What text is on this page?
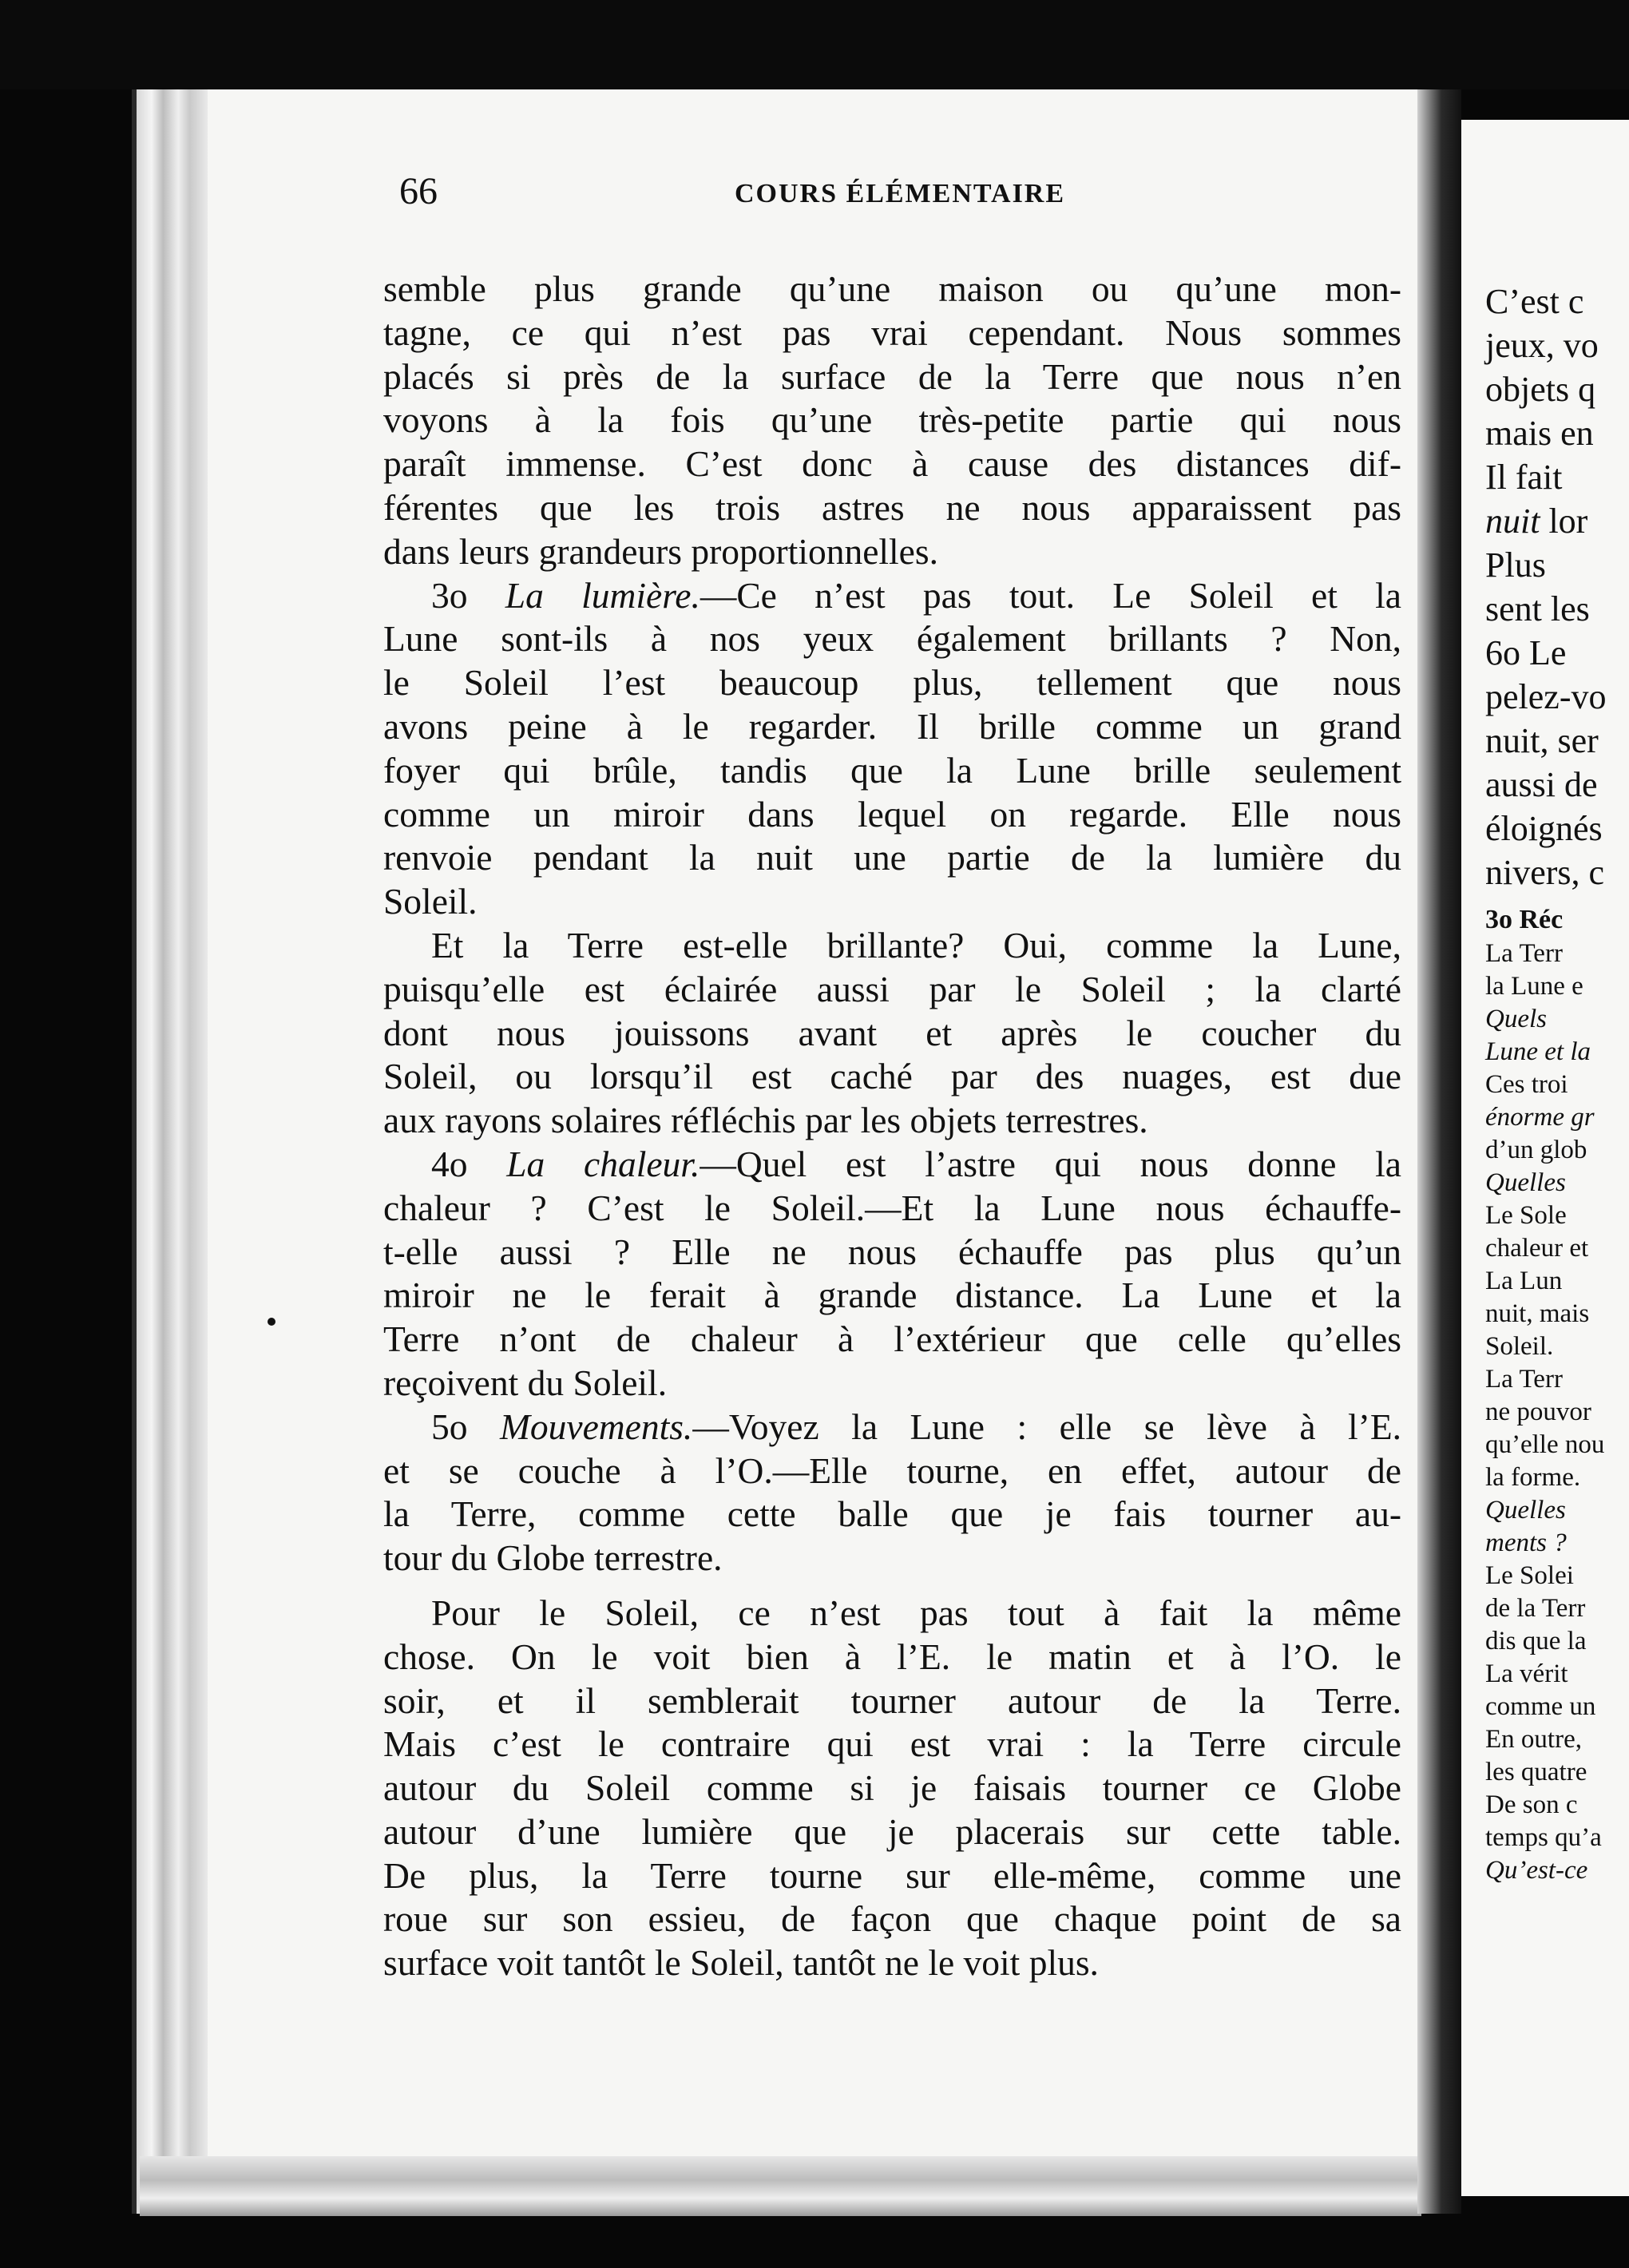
C’est c
jeux, vo
objets q
mais en
Il fait
nuit lor
Plus
sent les
6o Le
pelez-vo
nuit, ser
aussi de
éloignés
nivers, c
3o Réc
La Terr
la Lune e
Quels
Lune et la
Ces troi
énorme gr
d’un glob
Quelles
Le Sole
chaleur et
La Lun
nuit, mais
Soleil.
La Terr
ne pouvor
qu’elle nou
la forme.
Quelles
ments ?
Le Solei
de la Terr
dis que la
La vérit
comme un
En outre,
les quatre
De son c
temps qu’a
Qu’est-ce
66	COURS ÉLÉMENTAIRE

semble plus grande qu’une maison ou qu’une mon-

tagne, ce qui n’est pas vrai cependant. Nous sommes

placés si près de la surface de la Terre que nous n’en

voyons à la fois qu’une très-petite partie qui nous

paraît immense. C’est donc à cause des distances dif-

férentes que les trois astres ne nous apparaissent pas

dans leurs grandeurs proportionnelles.

3o La lumière.—Ce n’est pas tout. Le Soleil et la

Lune sont-ils à nos yeux également brillants ? Non,

le Soleil l’est beaucoup plus, tellement que nous

avons peine à le regarder. Il brille comme un grand

foyer qui brûle, tandis que la Lune brille seulement

comme un miroir dans lequel on regarde. Elle nous

renvoie pendant la nuit une partie de la lumière du

Soleil.

Et la Terre est-elle brillante? Oui, comme la Lune,

puisqu’elle est éclairée aussi par le Soleil ; la clarté

dont nous jouissons avant et après le coucher du

Soleil, ou lorsqu’il est caché par des nuages, est due

aux rayons solaires réfléchis par les objets terrestres.

4o La chaleur.—Quel est l’astre qui nous donne la

chaleur ? C’est le Soleil.—Et la Lune nous échauffe-

t-elle aussi ? Elle ne nous échauffe pas plus qu’un

miroir ne le ferait à grande distance. La Lune et la

Terre n’ont de chaleur à l’extérieur que celle qu’elles

reçoivent du Soleil.

5o Mouvements.—Voyez la Lune : elle se lève à l’E.

et se couche à l’O.—Elle tourne, en effet, autour de

la Terre, comme cette balle que je fais tourner au-

tour du Globe terrestre.

Pour le Soleil, ce n’est pas tout à fait la même

chose. On le voit bien à l’E. le matin et à l’O. le

soir, et il semblerait tourner autour de la Terre.

Mais c’est le contraire qui est vrai : la Terre circule

autour du Soleil comme si je faisais tourner ce Globe

autour d’une lumière que je placerais sur cette table.

De plus, la Terre tourne sur elle-même, comme une

roue sur son essieu, de façon que chaque point de sa

surface voit tantôt le Soleil, tantôt ne le voit plus.
